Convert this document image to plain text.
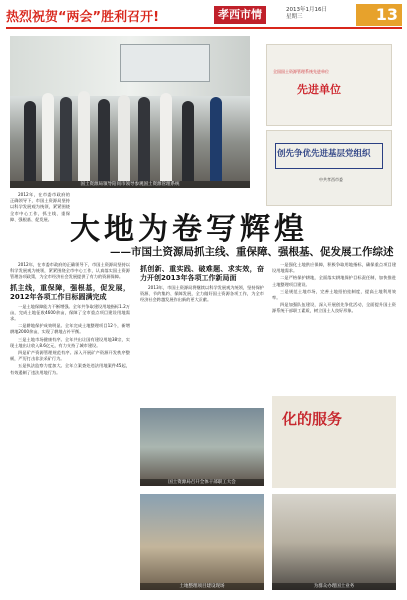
热烈祝贺“两会”胜利召开!	孝西市情	2013年1月16日
星期三	13
国土资源局领导陪同市领导参观国土资源管理系统
全国国土资源管理系统先进单位
先进单位
创先争优先进基层党组织
中共孝西市委

2012年，在市委市政府的正确领导下，市国土资源局坚持以科学发展观为统领，紧紧围绕全市中心工作，抓主线、重保障、强根基、促发展。 大地为卷写辉煌
——市国土资源局抓主线、重保障、强根基、促发展工作综述

2012年，在市委市政府的正确领导下，市国土资源局坚持以科学发展观为统领，紧紧围绕全市中心工作，认真落实国土资源管理各项政策，为全市经济社会发展提供了有力的资源保障。

抓主线，重保障，强根基，促发展，2012年各项工作目标圆满完成

一是土地保障能力不断增强。全年共争取建设用地指标1.2万亩，完成土地征收4600余亩，保障了全市重点项目建设用地需求。

二是耕地保护成效明显。全年完成土地整理项目12个，新增耕地2000余亩，实现了耕地占补平衡。

三是土地市场健康有序。全年共出让国有建设用地38宗，实现土地出让收入8.6亿元，有力支持了城市建设。

四是矿产资源管理规范有序。深入开展矿产资源开发秩序整顿，严厉打击非法采矿行为。

五是执法监察力度加大。全年立案查处违法用地案件45起，有效遏制了违法用地行为。

抓创新、重实践、破难题、求实效，奋力开创2013年各项工作新局面

2013年，市国土资源局将继续以科学发展观为统领，坚持保护资源、节约集约、保障发展，全力做好国土资源各项工作，为全市经济社会跨越发展作出新的更大贡献。

一是强化土地供应保障，积极争取用地指标，确保重点项目建设用地需求。

二是严格保护耕地，全面落实耕地保护目标责任制，加快推进土地整理项目建设。

三是规范土地市场，完善土地招拍挂制度，提高土地利用效率。

四是加强队伍建设，深入开展创先争优活动，全面提升国土资源系统干部职工素质，树立国土人良好形象。

国土资源局召开全体干部职工大会
化的服务
土地整理项目建设现场	为群众办理国土业务
